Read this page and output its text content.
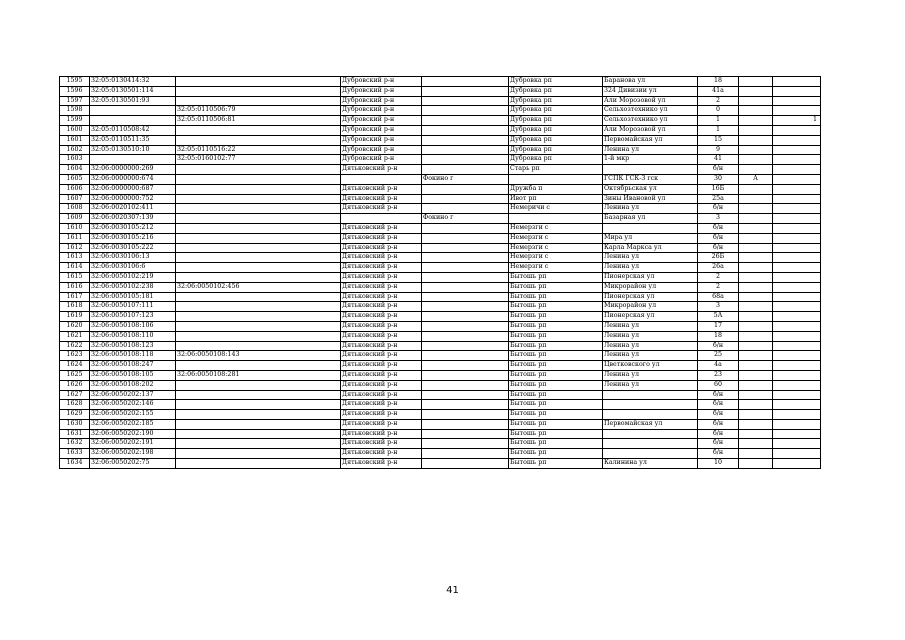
1595	32:05:0130414:32		Дубровский р-н		Дубровка рп	Баранова ул	18		
1596	32:05:0130501:114		Дубровский р-н		Дубровка рп	324 Дивизии ул	41а		
1597	32:05:0130501:93		Дубровский р-н		Дубровка рп	Али Морозовой ул	2		
1598		32:05:0110506:79	Дубровский р-н		Дубровка рп	Сельхозтехнико ул	0		
1599		32:05:0110506:81	Дубровский р-н		Дубровка рп	Сельхозтехнико ул	1		1
1600	32:05:0110508:42		Дубровский р-н		Дубровка рп	Али Морозовой ул	1		
1601	32:05:0110511:35		Дубровский р-н		Дубровка рп	Первомайская ул	15		
1602	32:05:0130510:10	32:05:0110516:22	Дубровский р-н		Дубровка рп	Ленина ул	9		
1603		32:05:0160102:77	Дубровский р-н		Дубровка рп	1-й мкр	41		
1604	32:06:0000000:269		Дятьковский р-н		Старь рп		б/н		
1605	32:06:0000000:674			Фокино г		ГСПК ГСК-3 гск	30	A	
1606	32:06:0000000:687		Дятьковский р-н		Дружба п	Октябрьская ул	16Б		
1607	32:06:0000000:752		Дятьковский р-н		Ивот рп	Зины Ивановой ул	25а		
1608	32:06:0020102:411		Дятьковский р-н		Немеричи с	Ленина ул	б/н		
1609	32:06:0020307:139			Фокино г		Базарная ул	3		
1610	32:06:0030105:212		Дятьковский р-н		Немерзги с		б/н		
1611	32:06:0030105:216		Дятьковский р-н		Немерзги с	Мира ул	б/н		
1612	32:06:0030105:222		Дятьковский р-н		Немерзги с	Карла Маркса ул	б/н		
1613	32:06:0030106:13		Дятьковский р-н		Немерзги с	Ленина ул	26Б		
1614	32:06:0030106:6		Дятьковский р-н		Немерзги с	Ленина ул	26а		
1615	32:06:0050102:219		Дятьковский р-н		Бытошь рп	Пионерская ул	2		
1616	32:06:0050102:238	32:06:0050102:456	Дятьковский р-н		Бытошь рп	Микрорайон ул	2		
1617	32:06:0050105:181		Дятьковский р-н		Бытошь рп	Пионерская ул	68а		
1618	32:06:0050107:111		Дятьковский р-н		Бытошь рп	Микрорайон ул	3		
1619	32:06:0050107:123		Дятьковский р-н		Бытошь рп	Пионерская ул	5А		
1620	32:06:0050108:106		Дятьковский р-н		Бытошь рп	Ленина ул	17		
1621	32:06:0050108:110		Дятьковский р-н		Бытошь рп	Ленина ул	18		
1622	32:06:0050108:123		Дятьковский р-н		Бытошь рп	Ленина ул	б/н		
1623	32:06:0050108:118	32:06:0050108:143	Дятьковский р-н		Бытошь рп	Ленина ул	25		
1624	32:06:0050108:247		Дятьковский р-н		Бытошь рп	Цветковского ул	4а		
1625	32:06:0050108:105	32:06:0050108:281	Дятьковский р-н		Бытошь рп	Ленина ул	23		
1626	32:06:0050108:202		Дятьковский р-н		Бытошь рп	Ленина ул	60		
1627	32:06:0050202:137		Дятьковский р-н		Бытошь рп		б/н		
1628	32:06:0050202:146		Дятьковский р-н		Бытошь рп		б/н		
1629	32:06:0050202:155		Дятьковский р-н		Бытошь рп		б/н		
1630	32:06:0050202:185		Дятьковский р-н		Бытошь рп	Первомайская ул	б/н		
1631	32:06:0050202:190		Дятьковский р-н		Бытошь рп		б/н		
1632	32:06:0050202:191		Дятьковский р-н		Бытошь рп		б/н		
1633	32:06:0050202:198		Дятьковский р-н		Бытошь рп		б/н		
1634	32:06:0050202:75		Дятьковский р-н		Бытошь рп	Калинина ул	10		
41
